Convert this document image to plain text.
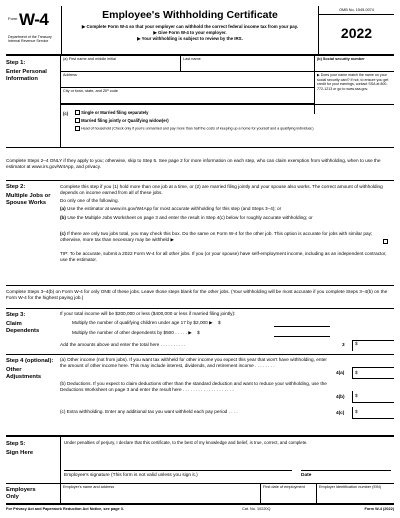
Form W-4
Department of the Treasury Internal Revenue Service
Employee's Withholding Certificate
▶ Complete Form W-4 so that your employer can withhold the correct federal income tax from your pay.
▶ Give Form W-4 to your employer.
▶ Your withholding is subject to review by the IRS.
OMB No. 1545-0074
2022
Step 1:
Enter Personal Information
(a) First name and middle initial	Last name	(b) Social security number
Address
City or town, state, and ZIP code
▶ Does your name match the name on your social security card? If not, to ensure you get credit for your earnings, contact SSA at 800-772-1213 or go to www.ssa.gov.
(c)	Single or Married filing separately
Married filing jointly or Qualifying widow(er)
Head of household (Check only if you're unmarried and pay more than half the costs of keeping up a home for yourself and a qualifying individual.)
Complete Steps 2–4 ONLY if they apply to you; otherwise, skip to Step 5. See page 2 for more information on each step, who can claim exemption from withholding, when to use the estimator at www.irs.gov/W4App, and privacy.
Step 2:
Multiple Jobs or Spouse Works
Complete this step if you (1) hold more than one job at a time, or (2) are married filing jointly and your spouse also works. The correct amount of withholding depends on income earned from all of these jobs.
Do only one of the following.
(a) Use the estimator at www.irs.gov/W4App for most accurate withholding for this step (and Steps 3–4); or
(b) Use the Multiple Jobs Worksheet on page 3 and enter the result in Step 4(c) below for roughly accurate withholding; or
(c) If there are only two jobs total, you may check this box. Do the same on Form W-4 for the other job. This option is accurate for jobs with similar pay; otherwise, more tax than necessary may be withheld ▶
TIP: To be accurate, submit a 2022 Form W-4 for all other jobs. If you (or your spouse) have self-employment income, including as an independent contractor, use the estimator.
Complete Steps 3–4(b) on Form W-4 for only ONE of these jobs. Leave those steps blank for the other jobs. (Your withholding will be most accurate if you complete Steps 3–4(b) on the Form W-4 for the highest paying job.)
Step 3:
Claim Dependents
If your total income will be $200,000 or less ($400,000 or less if married filing jointly):
Multiply the number of qualifying children under age 17 by $2,000 ▶ $
Multiply the number of other dependents by $500 . . . . . ▶ $
Add the amounts above and enter the total here . . . . . . . . . .	3	$
Step 4 (optional):
Other Adjustments
(a) Other income (not from jobs). If you want tax withheld for other income you expect this year that won't have withholding, enter the amount of other income here. This may include interest, dividends, and retirement income . . . . . . . .
(b) Deductions. If you expect to claim deductions other than the standard deduction and want to reduce your withholding, use the Deductions Worksheet on page 3 and enter the result here . . . . . . . . . . . . . . . . . . . .
(c) Extra withholding. Enter any additional tax you want withheld each pay period . . . .
4(a)	$
4(b)	$
4(c)	$
Step 5:
Sign Here
Under penalties of perjury, I declare that this certificate, to the best of my knowledge and belief, is true, correct, and complete.
Employee's signature (This form is not valid unless you sign it.)	Date
Employers Only
Employer's name and address	First date of employment	Employer identification number (EIN)
For Privacy Act and Paperwork Reduction Act Notice, see page 3.	Cat. No. 10220Q	Form W-4 (2022)
